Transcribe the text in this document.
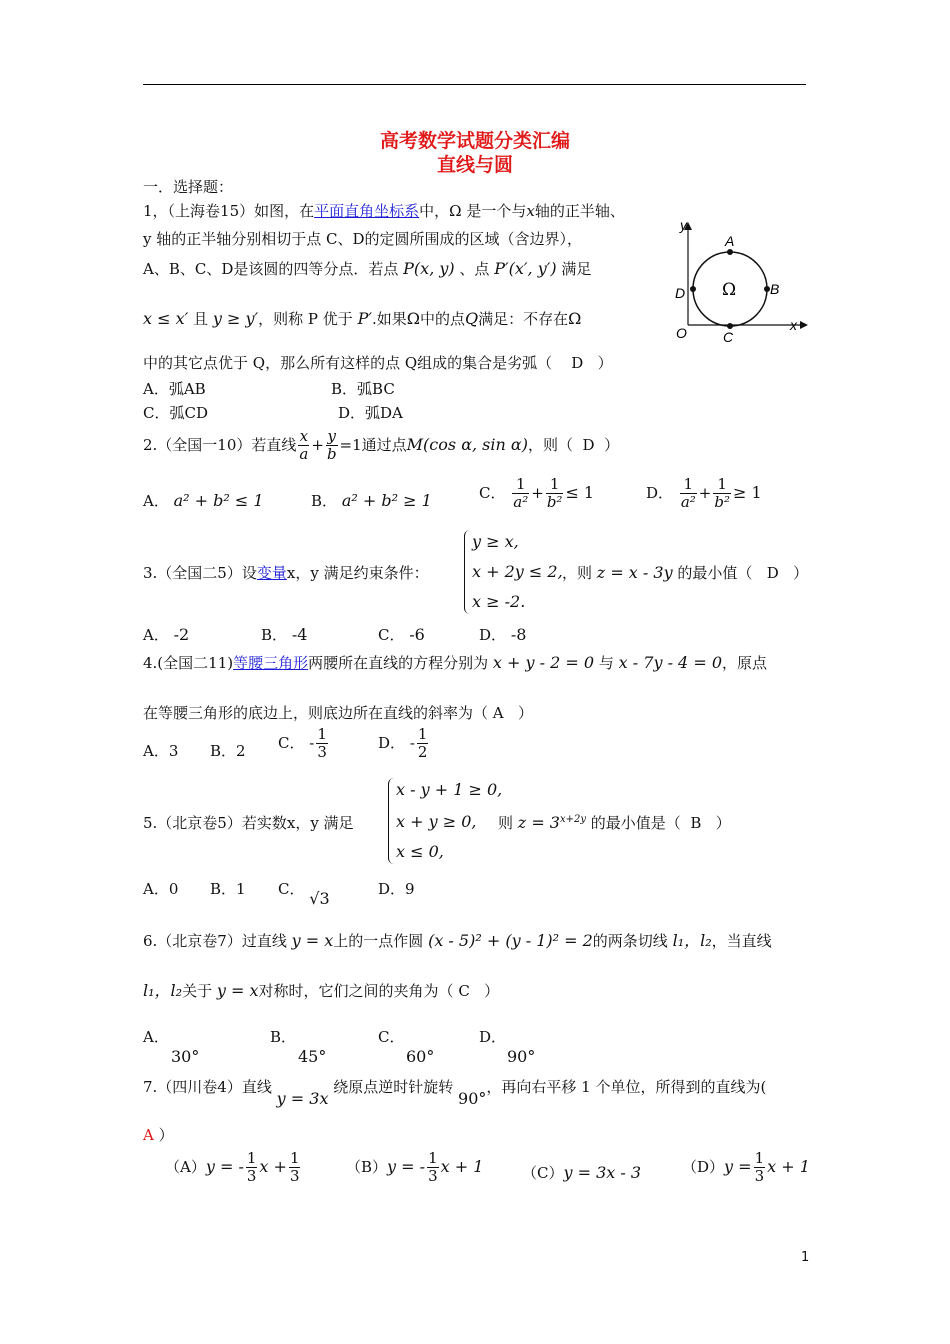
高考数学试题分类汇编
直线与圆
一．选择题：
1，（上海卷15）如图，在平面直角坐标系中，Ω 是一个与x轴的正半轴、
y 轴的正半轴分别相切于点 C、D的定圆所围成的区域（含边界），
A、B、C、D是该圆的四等分点．若点 P(x, y) 、点 P′(x′, y′) 满足
x ≤ x′ 且 y ≥ y′，则称 P 优于 P′.如果Ω中的点Q满足：不存在Ω
中的其它点优于 Q，那么所有这样的点 Q组成的集合是劣弧（ D ）
A．弧AB	B．弧BC
C．弧CD	D．弧DA
y
x
O
A
B
C
D Ω
2.（全国一10）若直线 $\frac{x}{a} + \frac{y}{b} =1$通过点M(cos α, sin α)，则（ D ）
A． a² + b² ≤ 1	B． a² + b² ≥ 1	C． $\frac{1}{\text{a²}} + \frac{1}{\text{b²}} \le 1$	D． $\frac{1}{\text{a²}} + \frac{1}{\text{b²}} \ge 1$
3.（全国二5）设变量x，y 满足约束条件：
y ≥ x,
x + 2y ≤ 2,
x ≥ -2.
，则 z = x - 3y 的最小值（ D ）
A． -2	B． -4	C． -6	D． -8
4.(全国二11)等腰三角形两腰所在直线的方程分别为 x + y - 2 = 0 与 x - 7y - 4 = 0，原点
在等腰三角形的底边上，则底边所在直线的斜率为（ A ）
A．3 B．2 C． - $\frac{1}{3}$	D． - $\frac{1}{2}$
5.（北京卷5）若实数x，y 满足
x - y + 1 ≥ 0,
x + y ≥ 0,
x ≤ 0,
则 $z = 3^{x+2y}$ 的最小值是（ B ）
A．0 B．1 C． √3	D．9
6.（北京卷7）过直线 y = x上的一点作圆 (x - 5)² + (y - 1)² = 2的两条切线 l₁，l₂，当直线
l₁，l₂关于 y = x对称时，它们之间的夹角为（ C ）
A．
30°
B．
45°
C．
60°
D．
90°
7.（四川卷4）直线 y = 3x 绕原点逆时针旋转 90°，再向右平移 1 个单位，所得到的直线为(
A ）
（A）y = - $\frac{1}{3}$ $x + \frac{1}{3}$	（B）y = - $\frac{1}{3}$ x + 1	（C）y = 3x - 3	$(D)y = \frac{1}{3}$ x + 1
1
